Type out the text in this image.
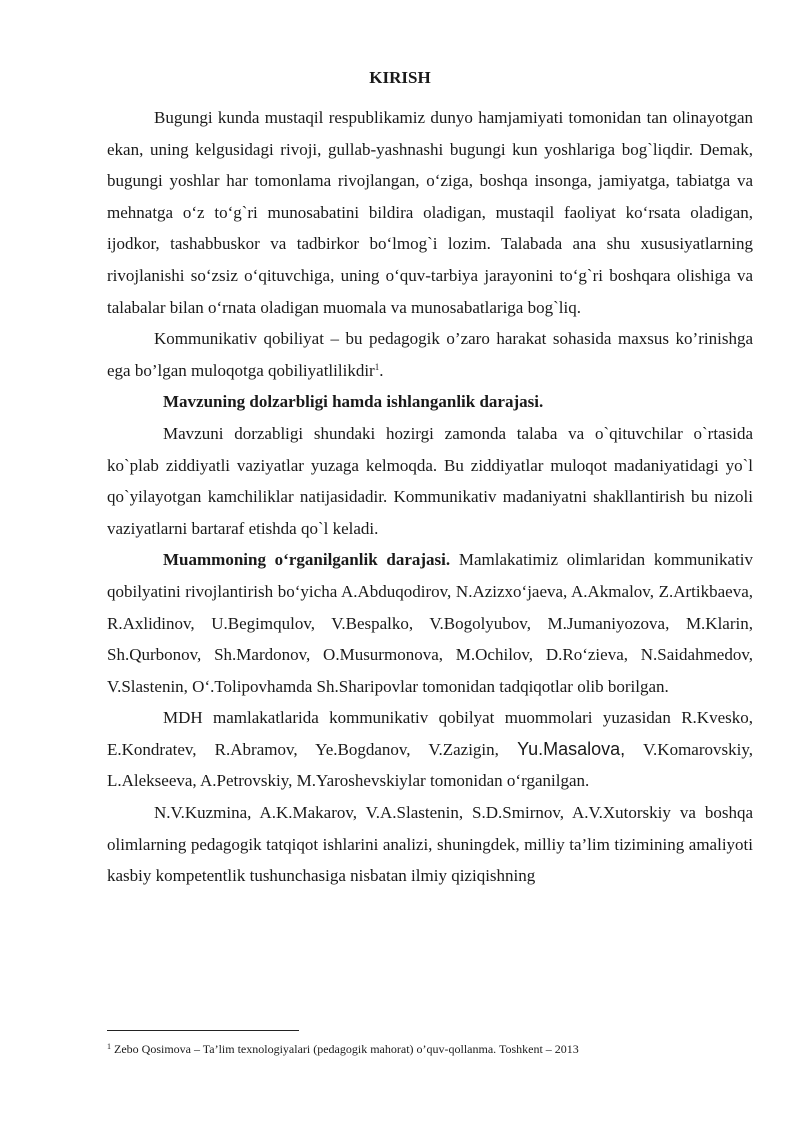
KIRISH

Bugungi kunda mustaqil respublikamiz dunyo hamjamiyati tomonidan tan olinayotgan ekan, uning kelgusidagi rivoji, gullab-yashnashi bugungi kun yoshlariga bog`liqdir. Demak, bugungi yoshlar har tomonlama rivojlangan, o‘ziga, boshqa insonga, jamiyatga, tabiatga va mehnatga o‘z to‘g`ri munosabatini bildira oladigan, mustaqil faoliyat ko‘rsata oladigan, ijodkor, tashabbuskor va tadbirkor bo‘lmog`i lozim. Talabada ana shu xususiyatlarning rivojlanishi so‘zsiz o‘qituvchiga, uning o‘quv-tarbiya jarayonini to‘g`ri boshqara olishiga va talabalar bilan o‘rnata oladigan muomala va munosabatlariga bog`liq.

Kommunikativ qobiliyat – bu pedagogik o’zaro harakat sohasida maxsus ko’rinishga ega bo’lgan muloqotga qobiliyatlilikdir$^1$.

Mavzuning dolzarbligi hamda ishlanganlik darajasi.

Mavzuni dorzabligi shundaki hozirgi zamonda talaba va o`qituvchilar o`rtasida ko`plab ziddiyatli vaziyatlar yuzaga kelmoqda. Bu ziddiyatlar muloqot madaniyatidagi yo`l qo`yilayotgan kamchiliklar natijasidadir. Kommunikativ madaniyatni shakllantirish bu nizoli vaziyatlarni bartaraf etishda qo`l keladi.

Muammoning o‘rganilganlik darajasi. Mamlakatimiz olimlaridan kommunikativ qobilyatini rivojlantirish bo‘yicha A.Abduqodirov, N.Azizxo‘jaeva, A.Akmalov, Z.Artikbaeva, R.Axlidinov, U.Begimqulov, V.Bespalko, V.Bogolyubov, M.Jumaniyozova, M.Klarin, Sh.Qurbonov, Sh.Mardonov, O.Musurmonova, M.Ochilov, D.Ro‘zieva, N.Saidahmedov, V.Slastenin, O‘.Tolipovhamda Sh.Sharipovlar tomonidan tadqiqotlar olib borilgan.

MDH mamlakatlarida kommunikativ qobilyat muommolari yuzasidan R.Kvesko, E.Kondratev, R.Abramov, Ye.Bogdanov, V.Zazigin, Yu.Masalova, V.Komarovskiy, L.Alekseeva, A.Petrovskiy, M.Yaroshevskiylar tomonidan o‘rganilgan.

N.V.Kuzmina, A.K.Makarov, V.A.Slastenin, S.D.Smirnov, A.V.Xutorskiy va boshqa olimlarning pedagogik tatqiqot ishlarini analizi, shuningdek, milliy ta’lim tizimining amaliyoti kasbiy kompetentlik tushunchasiga nisbatan ilmiy qiziqishning

$^1$ Zebo Qosimova – Ta’lim texnologiyalari (pedagogik mahorat) o’quv-qollanma. Toshkent – 2013
